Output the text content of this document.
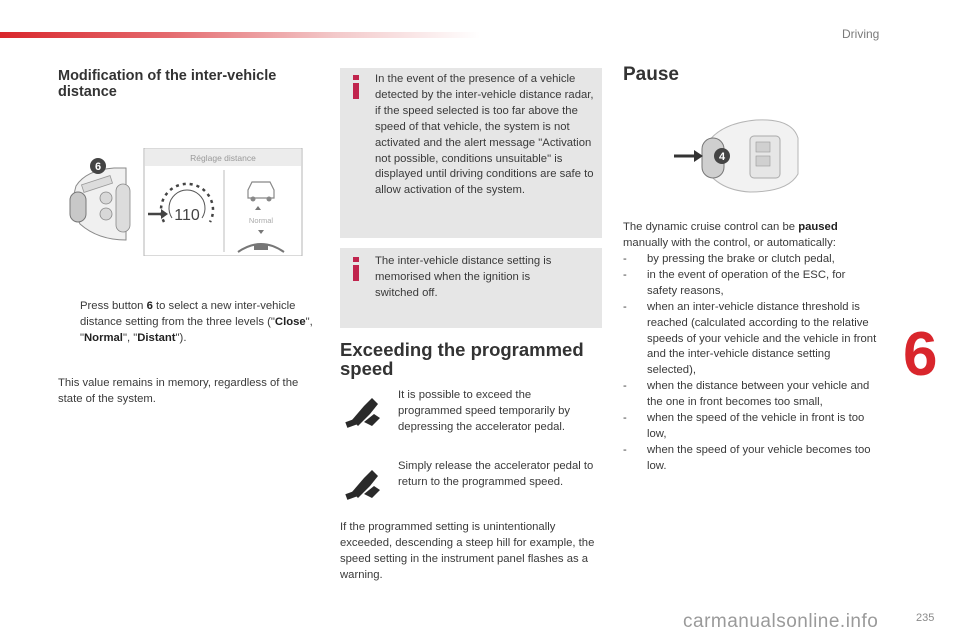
Driving
6
235
carmanualsonline.info
Modification of the inter-vehicle distance
6
Réglage distance
110	Normal

Press button 6 to select a new inter-vehicle distance setting from the three levels ("Close", "Normal", "Distant").

This value remains in memory, regardless of the state of the system.

In the event of the presence of a vehicle detected by the inter-vehicle distance radar, if the speed selected is too far above the speed of that vehicle, the system is not activated and the alert message "Activation not possible, conditions unsuitable" is displayed until driving conditions are safe to allow activation of the system.

The inter-vehicle distance setting is memorised when the ignition is switched off.

Exceeding the programmed speed

It is possible to exceed the programmed speed temporarily by depressing the accelerator pedal.

Simply release the accelerator pedal to return to the programmed speed.

If the programmed setting is unintentionally exceeded, descending a steep hill for example, the speed setting in the instrument panel flashes as a warning.

Pause
4

The dynamic cruise control can be paused manually with the control, or automatically:

- by pressing the brake or clutch pedal,
- in the event of operation of the ESC, for safety reasons,
- when an inter-vehicle distance threshold is reached (calculated according to the relative speeds of your vehicle and the vehicle in front and the inter-vehicle distance setting selected),
- when the distance between your vehicle and the one in front becomes too small,
- when the speed of the vehicle in front is too low,
- when the speed of your vehicle becomes too low.
